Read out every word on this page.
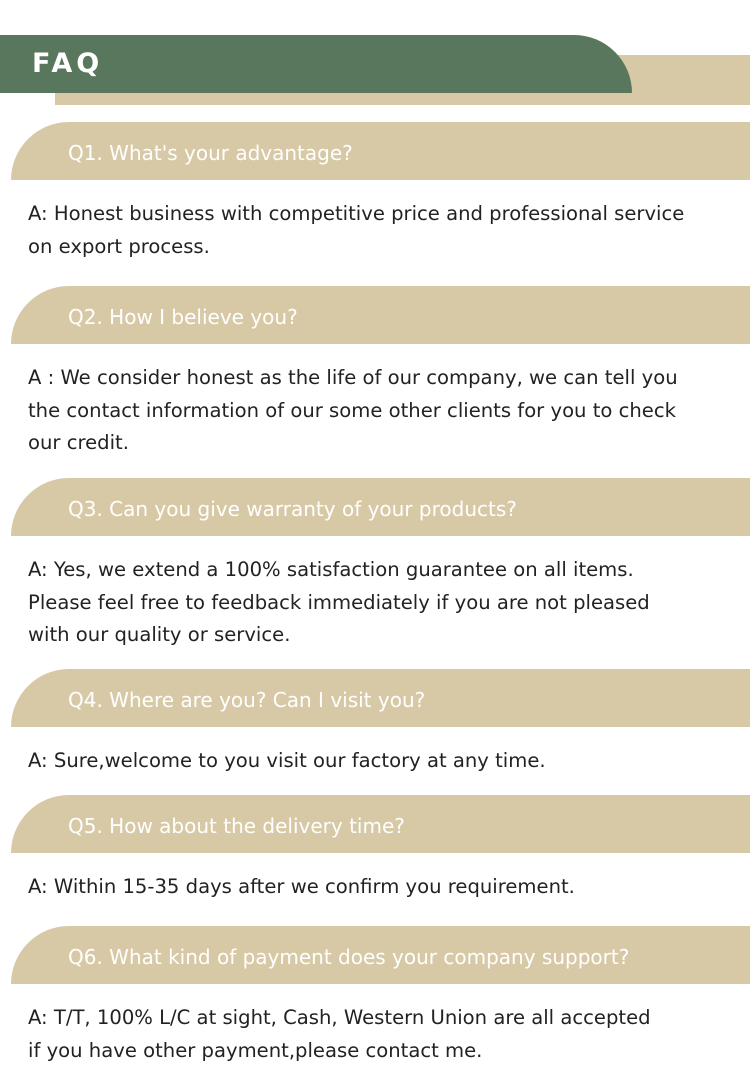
FAQ
Q1. What's your advantage?

A: Honest business with competitive price and professional service
on export process.

Q2. How I believe you?

A : We consider honest as the life of our company, we can tell you
the contact information of our some other clients for you to check
our credit.

Q3. Can you give warranty of your products?

A: Yes, we extend a 100% satisfaction guarantee on all items.
Please feel free to feedback immediately if you are not pleased
with our quality or service.

Q4. Where are you? Can I visit you?

A: Sure,welcome to you visit our factory at any time.

Q5. How about the delivery time?

A: Within 15-35 days after we confirm you requirement.

Q6. What kind of payment does your company support?

A: T/T, 100% L/C at sight, Cash, Western Union are all accepted
if you have other payment,please contact me.
